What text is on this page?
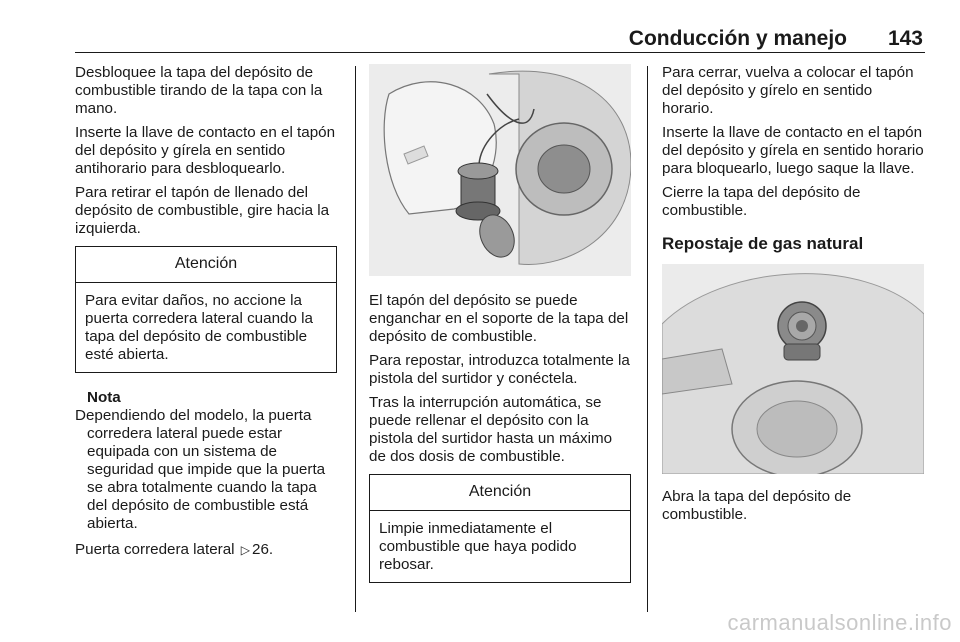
Conducción y manejo 143

Desbloquee la tapa del depósito de combustible tirando de la tapa con la mano.

Inserte la llave de contacto en el tapón del depósito y gírela en sentido antihorario para desbloquearlo.

Para retirar el tapón de llenado del depósito de combustible, gire hacia la izquierda.

Atención
Para evitar daños, no accione la puerta corredera lateral cuando la tapa del depósito de combustible esté abierta.
Nota
Dependiendo del modelo, la puerta
corredera lateral puede estar equipada con un sistema de seguridad que impide que la puerta se abra totalmente cuando la tapa del depósito de combustible está abierta.

Puerta corredera lateral ▷ 26.

El tapón del depósito se puede enganchar en el soporte de la tapa del depósito de combustible.

Para repostar, introduzca totalmente la pistola del surtidor y conéctela.

Tras la interrupción automática, se puede rellenar el depósito con la pistola del surtidor hasta un máximo de dos dosis de combustible.

Atención
Limpie inmediatamente el combustible que haya podido rebosar.

Para cerrar, vuelva a colocar el tapón del depósito y gírelo en sentido horario.

Inserte la llave de contacto en el tapón del depósito y gírela en sentido horario para bloquearlo, luego saque la llave.

Cierre la tapa del depósito de combustible.

Repostaje de gas natural

Abra la tapa del depósito de combustible.

carmanualsonline.info
